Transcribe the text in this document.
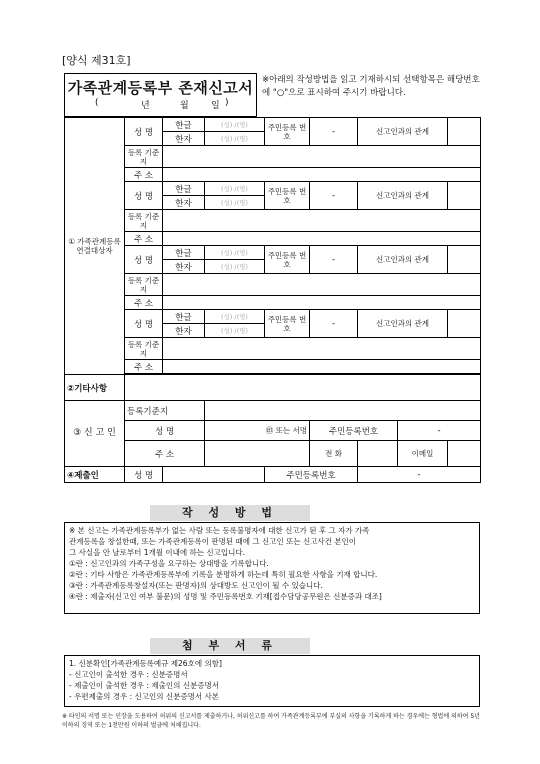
[양식 제31호]
가족관계등록부 존재신고서
(	년	월 일 )
※아래의 작성방법을 읽고 기재하시되 선택항목은 해당번호에 "○"으로 표시하여 주시기 바랍니다.
① 가족관계등록 연결대상자	성 명	한글	(성) /(명)	주민등록 번 호	-	신고인과의 관계		
		한자	(성) /(명)					
	등록 기준지							
	주 소							
	성 명	한글	(성) /(명)	주민등록 번 호	-	신고인과의 관계		
		한자	(성) /(명)					
	등록 기준지							
	주 소							
	성 명	한글	(성) /(명)	주민등록 번 호	-	신고인과의 관계		
		한자	(성) /(명)					
	등록 기준지							
	주 소							
	성 명	한글	(성) /(명)	주민등록 번 호	-	신고인과의 관계		
		한자	(성) /(명)					
	등록 기준지							
	주 소							

②기타사항								
③ 신 고 인	등록기준지							
	성 명		㊞ 또는 서명		주민등록번호		-	
	주 소				전 화		이메일	
④제출인	성 명			주민등록번호		-		
작 성 방 법
※ 본 신고는 가족관계등록부가 없는 사람 또는 등록불명자에 대한 신고가 된 후 그 자가 가족
관계등록을 창설한때, 또는 가족관계등록이 판명된 때에 그 신고인 또는 신고사건 본인이
그 사실을 안 날로부터 1개월 이내에 하는 신고입니다.
①란 : 신고인과의 가족구성을 요구하는 상대방을 기록합니다.
②란 : 기타 사항은 가족관계등록부에 기록을 분명하게 하는데 특히 필요한 사항을 기재 합니다.
③란 : 가족관계등록창설자(또는 판명자)의 상대방도 신고인이 될 수 있습니다.
④란 : 제출자(신고인 여부 불문)의 성명 및 주민등록번호 기재[접수담당공무원은 신분증과 대조]
첨 부 서 류
1. 신분확인[가족관계등록예규 제26호에 의함]
- 신고인이 출석한 경우 : 신분증명서
- 제출인이 출석한 경우 : 제출인의 신분증명서
- 우편제출의 경우 : 신고인의 신분증명서 사본
※ 타인의 서명 또는 인장을 도용하여 허위의 신고서를 제출하거나, 허위신고를 하여 가족관계등록부에 부실의 사항을 기록하게 하는 경우에는 형법에 의하여 5년 이하의 징역 또는 1천만원 이하의 벌금에 처해집니다.
